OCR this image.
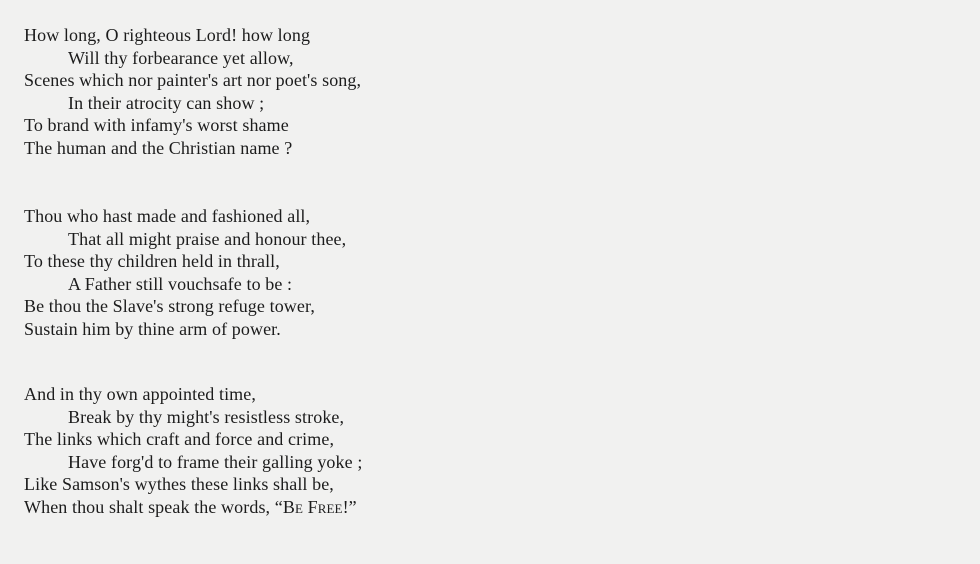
How long, O righteous Lord! how long
Will thy forbearance yet allow,
Scenes which nor painter's art nor poet's song,
In their atrocity can show ;
To brand with infamy's worst shame
The human and the Christian name ?
Thou who hast made and fashioned all,
That all might praise and honour thee,
To these thy children held in thrall,
A Father still vouchsafe to be :
Be thou the Slave's strong refuge tower,
Sustain him by thine arm of power.
And in thy own appointed time,
Break by thy might's resistless stroke,
The links which craft and force and crime,
Have forg'd to frame their galling yoke ;
Like Samson's wythes these links shall be,
When thou shalt speak the words, “Be Free!”
